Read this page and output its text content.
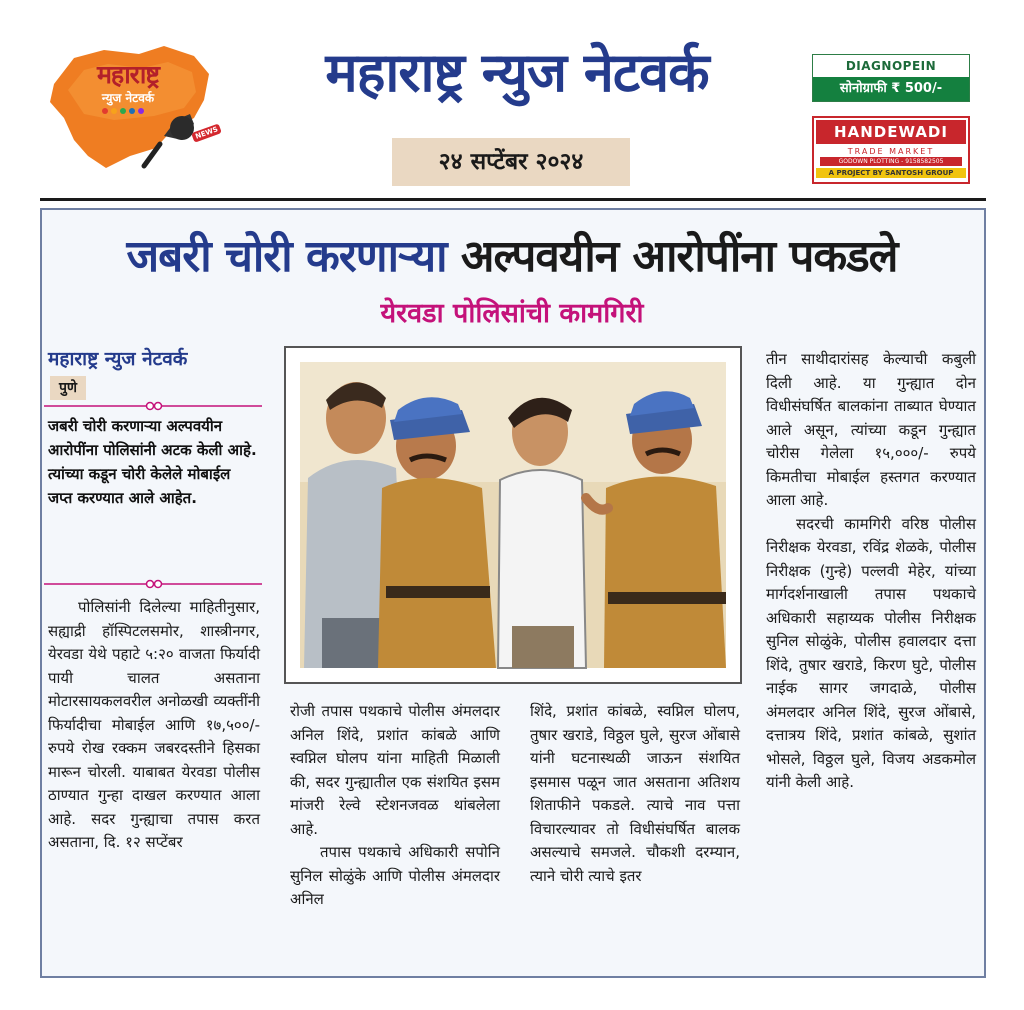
महाराष्ट्र
न्युज नेटवर्क
NEWS
महाराष्ट्र न्युज नेटवर्क
२४ सप्टेंबर २०२४
DIAGNOPEIN
सोनोग्राफी ₹ 500/-
HANDEWADI
TRADE MARKET
GODOWN PLOTTING - 9158582505
A PROJECT BY SANTOSH GROUP
जबरी चोरी करणाऱ्या अल्पवयीन आरोपींना पकडले
येरवडा पोलिसांची कामगिरी
महाराष्ट्र न्युज नेटवर्क
पुणे
जबरी चोरी करणाऱ्या अल्पवयीन आरोपींना पोलिसांनी अटक केली आहे. त्यांच्या कडून चोरी केलेले मोबाईल जप्त करण्यात आले आहेत.

पोलिसांनी दिलेल्या माहितीनुसार, सह्याद्री हॉस्पिटलसमोर, शास्त्रीनगर, येरवडा येथे पहाटे ५:२० वाजता फिर्यादी पायी चालत असताना मोटारसायकलवरील अनोळखी व्यक्तींनी फिर्यादीचा मोबाईल आणि १७,५००/- रुपये रोख रक्कम जबरदस्तीने हिसका मारून चोरली. याबाबत येरवडा पोलीस ठाण्यात गुन्हा दाखल करण्यात आला आहे. सदर गुन्ह्याचा तपास करत असताना, दि. १२ सप्टेंबर

रोजी तपास पथकाचे पोलीस अंमलदार अनिल शिंदे, प्रशांत कांबळे आणि स्वप्निल घोलप यांना माहिती मिळाली की, सदर गुन्ह्यातील एक संशयित इसम मांजरी रेल्वे स्टेशनजवळ थांबलेला आहे.

तपास पथकाचे अधिकारी सपोनि सुनिल सोळुंके आणि पोलीस अंमलदार अनिल

शिंदे, प्रशांत कांबळे, स्वप्निल घोलप, तुषार खराडे, विठ्ठल घुले, सुरज ओंबासे यांनी घटनास्थळी जाऊन संशयित इसमास पळून जात असताना अतिशय शिताफीने पकडले. त्याचे नाव पत्ता विचारल्यावर तो विधीसंघर्षित बालक असल्याचे समजले. चौकशी दरम्यान, त्याने चोरी त्याचे इतर

तीन साथीदारांसह केल्याची कबुली दिली आहे. या गुन्ह्यात दोन विधीसंघर्षित बालकांना ताब्यात घेण्यात आले असून, त्यांच्या कडून गुन्ह्यात चोरीस गेलेला १५,०००/- रुपये किमतीचा मोबाईल हस्तगत करण्यात आला आहे.

सदरची कामगिरी वरिष्ठ पोलीस निरीक्षक येरवडा, रविंद्र शेळके, पोलीस निरीक्षक (गुन्हे) पल्लवी मेहेर, यांच्या मार्गदर्शनाखाली तपास पथकाचे अधिकारी सहाय्यक पोलीस निरीक्षक सुनिल सोळुंके, पोलीस हवालदार दत्ता शिंदे, तुषार खराडे, किरण घुटे, पोलीस नाईक सागर जगदाळे, पोलीस अंमलदार अनिल शिंदे, सुरज ओंबासे, दत्तात्रय शिंदे, प्रशांत कांबळे, सुशांत भोसले, विठ्ठल घुले, विजय अडकमोल यांनी केली आहे.
